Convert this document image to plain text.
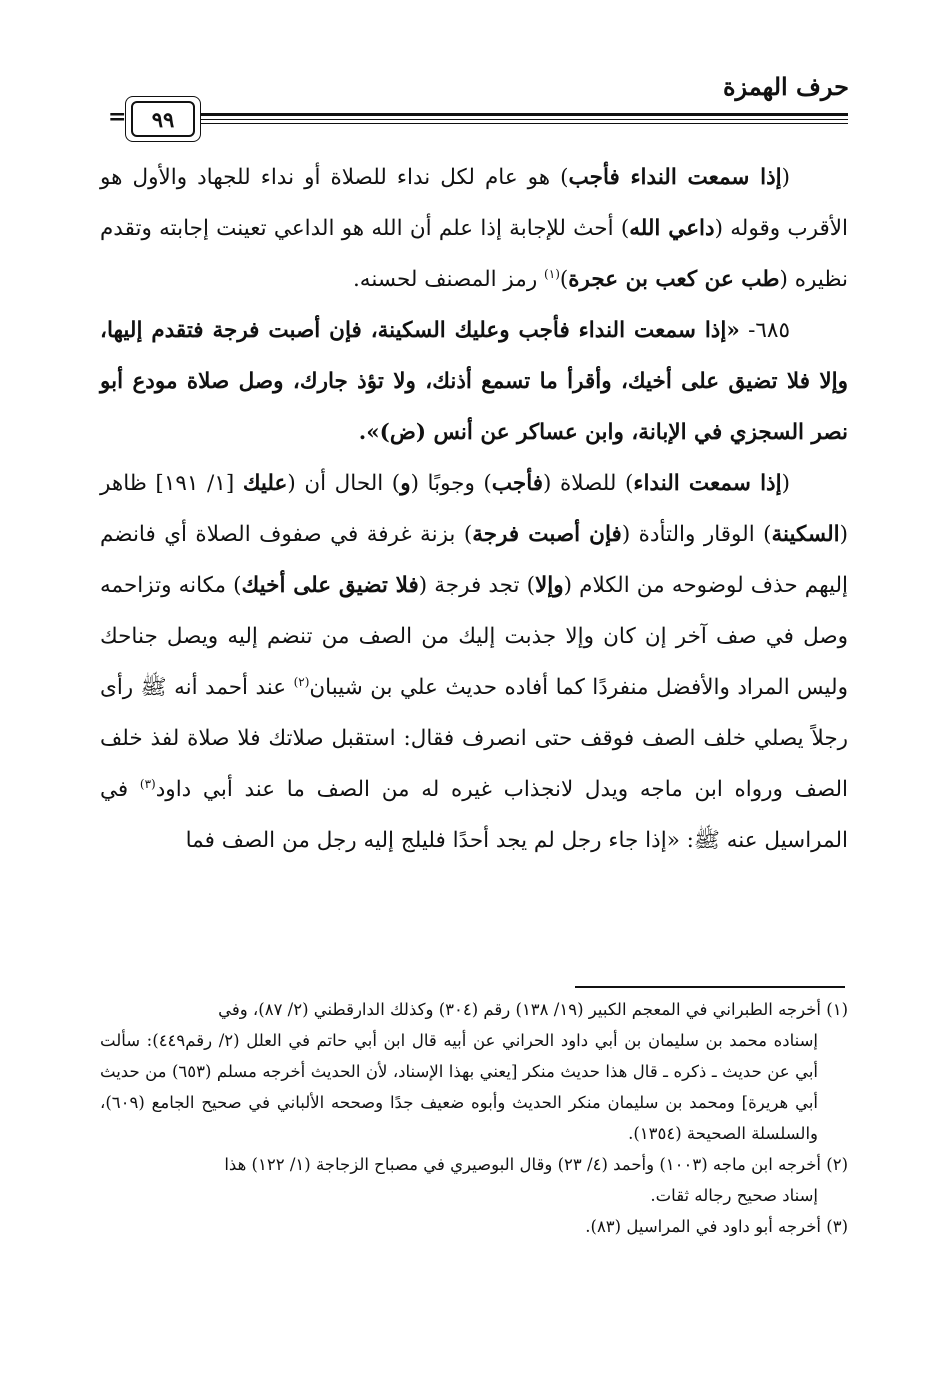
حرف الهمزة
=	٩٩

(إذا سمعت النداء فأجب) هو عام لكل نداء للصلاة أو نداء للجهاد والأول هو الأقرب وقوله (داعي الله) أحث للإجابة إذا علم أن الله هو الداعي تعينت إجابته وتقدم نظيره (طب عن كعب بن عجرة)$^{(١)}$ رمز المصنف لحسنه.

٦٨٥- «إذا سمعت النداء فأجب وعليك السكينة، فإن أصبت فرجة فتقدم إليها، وإلا فلا تضيق على أخيك، وأقرأ ما تسمع أذنك، ولا تؤذ جارك، وصل صلاة مودع أبو نصر السجزي في الإبانة، وابن عساكر عن أنس (ض)».

(إذا سمعت النداء) للصلاة (فأجب) وجوبًا (و) الحال أن (عليك [١/ ١٩١] ظاهر (السكينة) الوقار والتأدة (فإن أصبت فرجة) بزنة غرفة في صفوف الصلاة أي فانضم إليهم حذف لوضوحه من الكلام (وإلا) تجد فرجة (فلا تضيق على أخيك) مكانه وتزاحمه وصل في صف آخر إن كان وإلا جذبت إليك من الصف من تنضم إليه ويصل جناحك وليس المراد والأفضل منفردًا كما أفاده حديث علي بن شيبان$^{(٢)}$ عند أحمد أنه ﷺ رأى رجلاً يصلي خلف الصف فوقف حتى انصرف فقال: استقبل صلاتك فلا صلاة لفذ خلف الصف ورواه ابن ماجه ويدل لانجذاب غيره له من الصف ما عند أبي داود$^{(٣)}$ في المراسيل عنه ﷺ: «إذا جاء رجل لم يجد أحدًا فليلج إليه رجل من الصف فما

(١) أخرجه الطبراني في المعجم الكبير (١٩/ ١٣٨) رقم (٣٠٤) وكذلك الدارقطني (٢/ ٨٧)، وفي

إسناده محمد بن سليمان بن أبي داود الحراني عن أبيه قال ابن أبي حاتم في العلل (٢/ رقم٤٤٩): سألت أبي عن حديث ـ ذكره ـ قال هذا حديث منكر [يعني بهذا الإسناد، لأن الحديث أخرجه مسلم (٦٥٣) من حديث أبي هريرة] ومحمد بن سليمان منكر الحديث وأبوه ضعيف جدًا وصححه الألباني في صحيح الجامع (٦٠٩)، والسلسلة الصحيحة (١٣٥٤).

(٢) أخرجه ابن ماجه (١٠٠٣) وأحمد (٤/ ٢٣) وقال البوصيري في مصباح الزجاجة (١/ ١٢٢) هذا

إسناد صحيح رجاله ثقات.

(٣) أخرجه أبو داود في المراسيل (٨٣).
